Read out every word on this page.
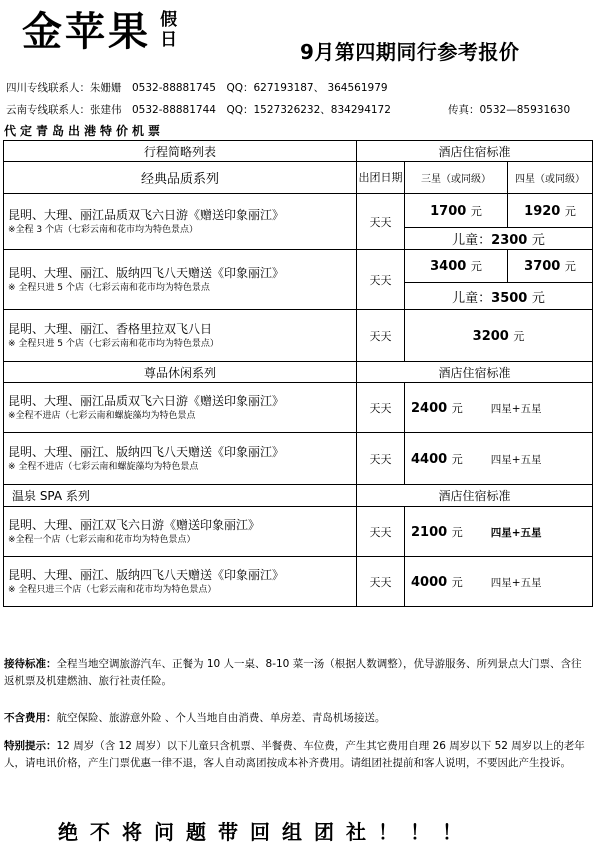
金苹果 假
日	9月第四期同行参考报价
四川专线联系人：朱姗姗　0532-88881745　QQ：627193187、 364561979
云南专线联系人：张建伟　0532-88881744　QQ：1527326232、834294172	传真：0532—85931630
代定青岛出港特价机票
行程简略列表	酒店住宿标准		
经典品质系列	出团日期	三星（或同级）	四星（或同级）

昆明、大理、丽江品质双飞六日游《赠送印象丽江》
※全程 3 个店（七彩云南和花市均为特色景点）	天天	1700 元	1920 元
		儿童：2300 元	

昆明、大理、丽江、版纳四飞八天赠送《印象丽江》
※ 全程只进 5 个店（七彩云南和花市均为特色景点	天天	3400 元	3700 元
		儿童：3500 元	

昆明、大理、丽江、香格里拉双飞八日
※ 全程只进 5 个店（七彩云南和花市均为特色景点）	天天	3200 元	
尊品休闲系列	酒店住宿标准		

昆明、大理、丽江品质双飞六日游《赠送印象丽江》
※全程不进店（七彩云南和螺旋藻均为特色景点	天天	2400 元 四星+五星	

昆明、大理、丽江、版纳四飞八天赠送《印象丽江》
※ 全程不进店（七彩云南和螺旋藻均为特色景点	天天	4400 元 四星+五星	
温泉 SPA 系列	酒店住宿标准		

昆明、大理、丽江双飞六日游《赠送印象丽江》
※全程一个店（七彩云南和花市均为特色景点）	天天	2100 元 四星+五星	

昆明、大理、丽江、版纳四飞八天赠送《印象丽江》
※ 全程只进三个店（七彩云南和花市均为特色景点）	天天	4000 元 四星+五星	
接待标准：全程当地空调旅游汽车、正餐为 10 人一桌、8-10 菜一汤（根据人数调整），优导游服务、所列景点大门票、含往返机票及机建燃油、旅行社责任险。
不含费用：航空保险、旅游意外险 、个人当地自由消费、单房差、青岛机场接送。
特别提示：12 周岁（含 12 周岁）以下儿童只含机票、半餐费、车位费，产生其它费用自理 26 周岁以下 52 周岁以上的老年人，请电讯价格，产生门票优惠一律不退，客人自动离团按成本补齐费用。请组团社提前和客人说明，不要因此产生投诉。
绝不将问题带回组团社！！！
